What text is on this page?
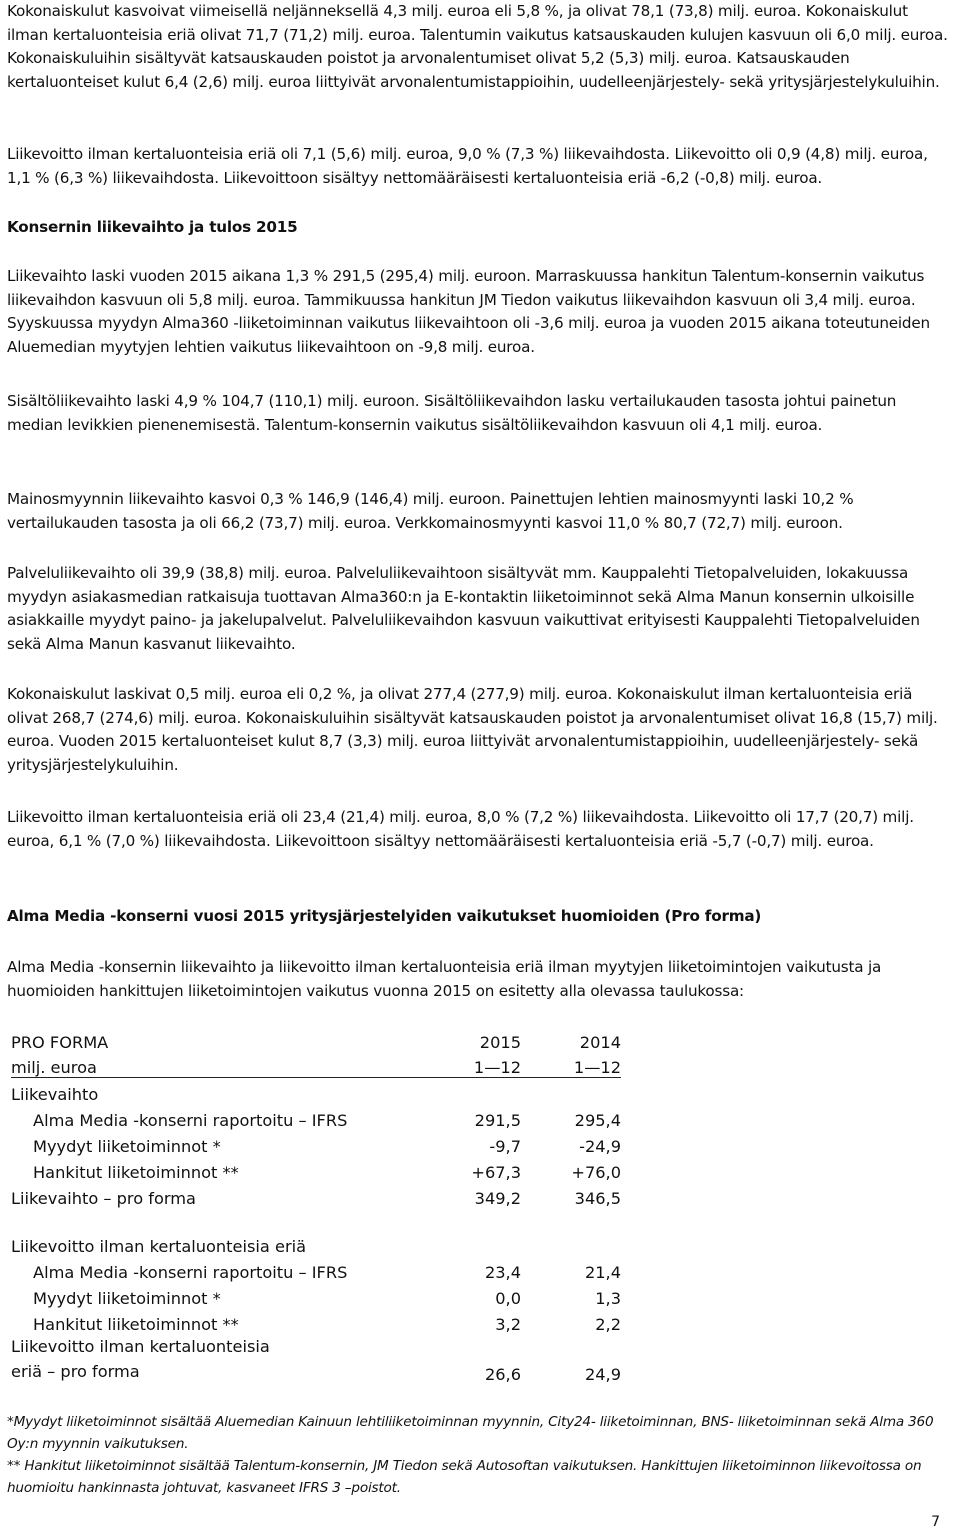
Kokonaiskulut kasvoivat viimeisellä neljänneksellä 4,3 milj. euroa eli 5,8 %, ja olivat 78,1 (73,8) milj. euroa. Kokonaiskulut ilman kertaluonteisia eriä olivat 71,7 (71,2) milj. euroa. Talentumin vaikutus katsauskauden kulujen kasvuun oli 6,0 milj. euroa. Kokonaiskuluihin sisältyvät katsauskauden poistot ja arvonalentumiset olivat 5,2 (5,3) milj. euroa. Katsauskauden kertaluonteiset kulut 6,4 (2,6) milj. euroa liittyivät arvonalentumistappioihin, uudelleenjärjestely- sekä yritysjärjestelykuluihin.

Liikevoitto ilman kertaluonteisia eriä oli 7,1 (5,6) milj. euroa, 9,0 % (7,3 %) liikevaihdosta. Liikevoitto oli 0,9 (4,8) milj. euroa, 1,1 % (6,3 %) liikevaihdosta. Liikevoittoon sisältyy nettomääräisesti kertaluonteisia eriä -6,2 (-0,8) milj. euroa.

Konsernin liikevaihto ja tulos 2015

Liikevaihto laski vuoden 2015 aikana 1,3 % 291,5 (295,4) milj. euroon. Marraskuussa hankitun Talentum-konsernin vaikutus liikevaihdon kasvuun oli 5,8 milj. euroa. Tammikuussa hankitun JM Tiedon vaikutus liikevaihdon kasvuun oli 3,4 milj. euroa. Syyskuussa myydyn Alma360 -liiketoiminnan vaikutus liikevaihtoon oli -3,6 milj. euroa ja vuoden 2015 aikana toteutuneiden Aluemedian myytyjen lehtien vaikutus liikevaihtoon on -9,8 milj. euroa.

Sisältöliikevaihto laski 4,9 % 104,7 (110,1) milj. euroon. Sisältöliikevaihdon lasku vertailukauden tasosta johtui painetun median levikkien pienenemisestä. Talentum-konsernin vaikutus sisältöliikevaihdon kasvuun oli 4,1 milj. euroa.

Mainosmyynnin liikevaihto kasvoi 0,3 % 146,9 (146,4) milj. euroon. Painettujen lehtien mainosmyynti laski 10,2 % vertailukauden tasosta ja oli 66,2 (73,7) milj. euroa. Verkkomainosmyynti kasvoi 11,0 % 80,7 (72,7) milj. euroon.

Palveluliikevaihto oli 39,9 (38,8) milj. euroa. Palveluliikevaihtoon sisältyvät mm. Kauppalehti Tietopalveluiden, lokakuussa myydyn asiakasmedian ratkaisuja tuottavan Alma360:n ja E-kontaktin liiketoiminnot sekä Alma Manun konsernin ulkoisille asiakkaille myydyt paino- ja jakelupalvelut. Palveluliikevaihdon kasvuun vaikuttivat erityisesti Kauppalehti Tietopalveluiden sekä Alma Manun kasvanut liikevaihto.

Kokonaiskulut laskivat 0,5 milj. euroa eli 0,2 %, ja olivat 277,4 (277,9) milj. euroa. Kokonaiskulut ilman kertaluonteisia eriä olivat 268,7 (274,6) milj. euroa. Kokonaiskuluihin sisältyvät katsauskauden poistot ja arvonalentumiset olivat 16,8 (15,7) milj. euroa. Vuoden 2015 kertaluonteiset kulut 8,7 (3,3) milj. euroa liittyivät arvonalentumistappioihin, uudelleenjärjestely- sekä yritysjärjestelykuluihin.

Liikevoitto ilman kertaluonteisia eriä oli 23,4 (21,4) milj. euroa, 8,0 % (7,2 %) liikevaihdosta. Liikevoitto oli 17,7 (20,7) milj. euroa, 6,1 % (7,0 %) liikevaihdosta. Liikevoittoon sisältyy nettomääräisesti kertaluonteisia eriä -5,7 (-0,7) milj. euroa.

Alma Media -konserni vuosi 2015 yritysjärjestelyiden vaikutukset huomioiden (Pro forma)

Alma Media -konsernin liikevaihto ja liikevoitto ilman kertaluonteisia eriä ilman myytyjen liiketoimintojen vaikutusta ja huomioiden hankittujen liiketoimintojen vaikutus vuonna 2015 on esitetty alla olevassa taulukossa:

PRO FORMA	2015	2014
milj. euroa	1—12	1—12
Liikevaihto
Alma Media -konserni raportoitu – IFRS	291,5	295,4
Myydyt liiketoiminnot *	-9,7	-24,9
Hankitut liiketoiminnot **	+67,3	+76,0
Liikevaihto – pro forma	349,2	346,5
Liikevoitto ilman kertaluonteisia eriä
Alma Media -konserni raportoitu – IFRS	23,4	21,4
Myydyt liiketoiminnot *	0,0	1,3
Hankitut liiketoiminnot **	3,2	2,2
Liikevoitto ilman kertaluonteisia eriä – pro forma	26,6	24,9

*Myydyt liiketoiminnot sisältää Aluemedian Kainuun lehtiliiketoiminnan myynnin, City24- liiketoiminnan, BNS- liiketoiminnan sekä Alma 360 Oy:n myynnin vaikutuksen.

** Hankitut liiketoiminnot sisältää Talentum-konsernin, JM Tiedon sekä Autosoftan vaikutuksen. Hankittujen liiketoiminnon liikevoitossa on huomioitu hankinnasta johtuvat, kasvaneet IFRS 3 –poistot.

7
